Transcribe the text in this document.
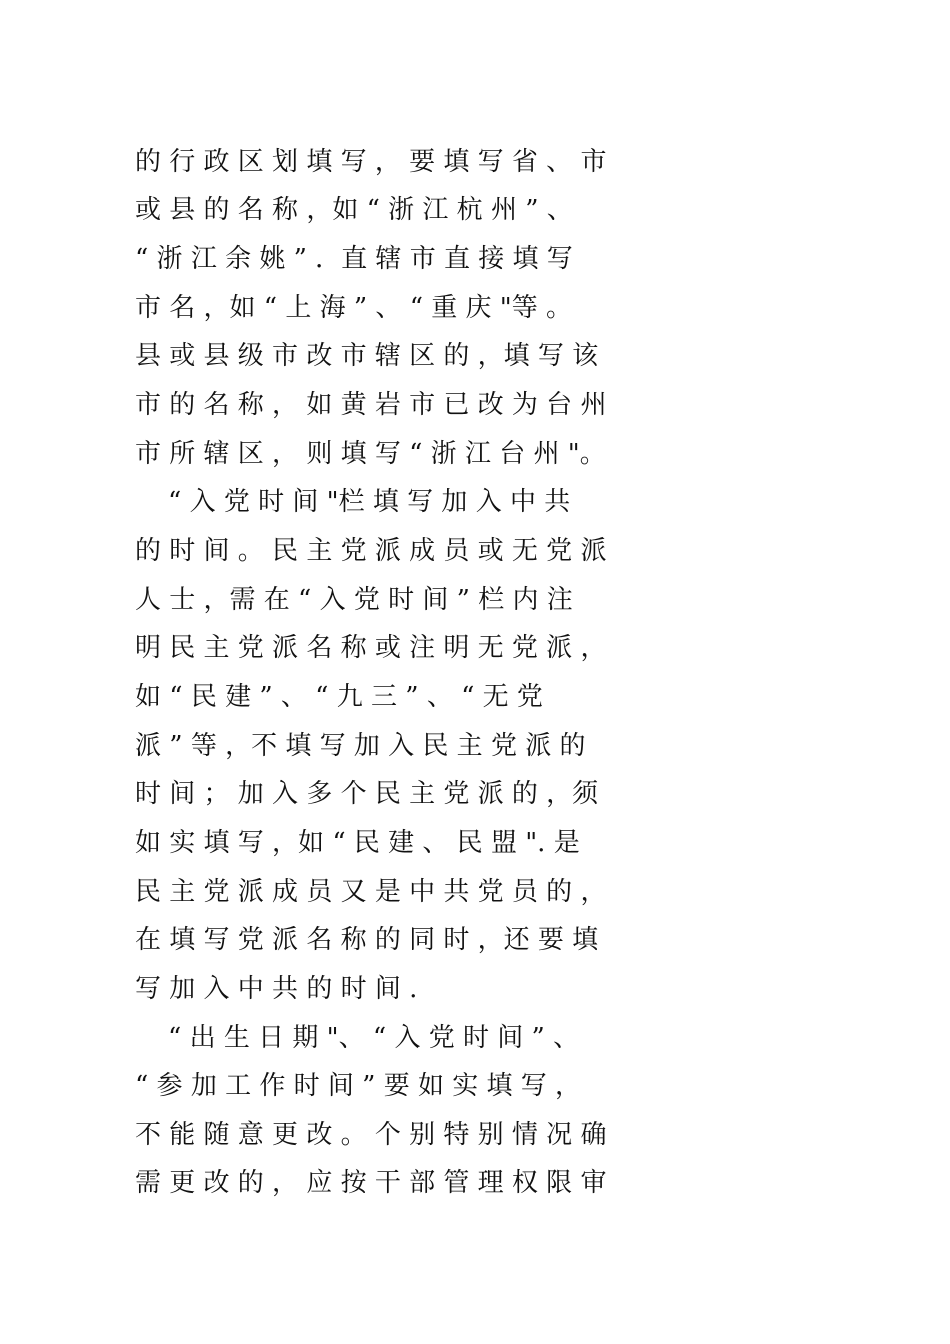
的 行 政 区 划 填 写 ， 要 填 写 省 、 市
或 县 的 名 称 ，如 “ 浙 江 杭 州 ” 、
“ 浙 江 余 姚 ” ．直 辖 市 直 接 填 写
市 名 ，如 “ 上 海 ” 、 “ 重 庆 "等 。
县 或 县 级 市 改 市 辖 区 的 ，填 写 该
市 的 名 称 ， 如 黄 岩 市 已 改 为 台 州
市 所 辖 区 ， 则 填 写 “ 浙 江 台 州 "。
“ 入 党 时 间 "栏 填 写 加 入 中 共
的 时 间 。 民 主 党 派 成 员 或 无 党 派
人 士 ，需 在 “ 入 党 时 间 ” 栏 内 注
明 民 主 党 派 名 称 或 注 明 无 党 派 ，
如 “ 民 建 ” 、 “ 九 三 ” 、 “ 无 党
派 ” 等 ，不 填 写 加 入 民 主 党 派 的
时 间 ； 加 入 多 个 民 主 党 派 的 ，须
如 实 填 写 ，如 “ 民 建 、 民 盟 ". 是
民 主 党 派 成 员 又 是 中 共 党 员 的 ，
在 填 写 党 派 名 称 的 同 时 ，还 要 填
写 加 入 中 共 的 时 间 .
“ 出 生 日 期 "、 “ 入 党 时 间 ” 、
“ 参 加 工 作 时 间 ” 要 如 实 填 写 ，
不 能 随 意 更 改 。 个 别 特 别 情 况 确
需 更 改 的 ， 应 按 干 部 管 理 权 限 审
